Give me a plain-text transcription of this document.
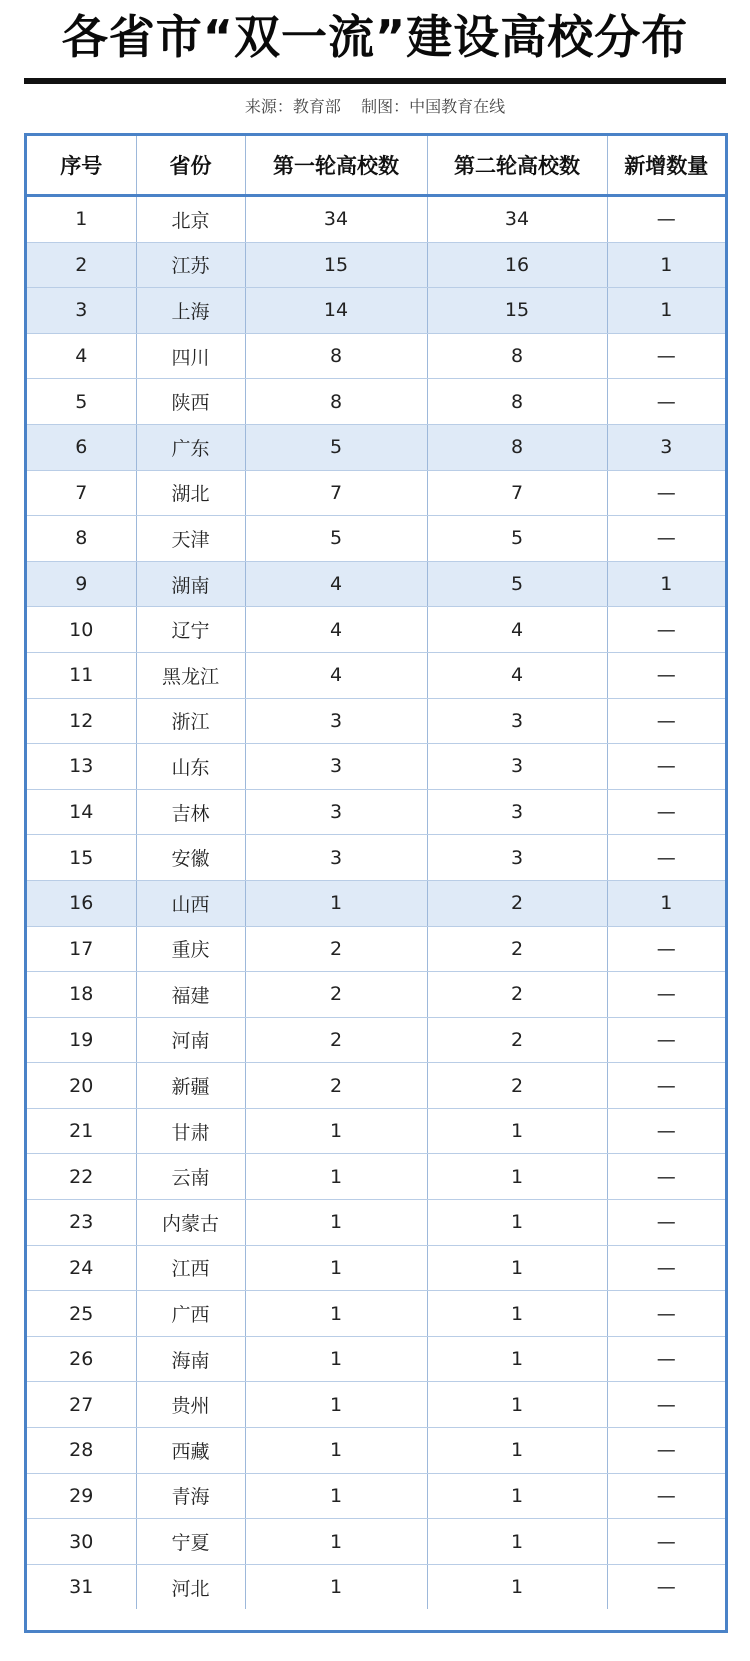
各省市“双一流”建设高校分布
来源：教育部    制图：中国教育在线
序号	省份	第一轮高校数	第二轮高校数	新增数量
1	北京	34	34	—
2	江苏	15	16	1
3	上海	14	15	1
4	四川	8	8	—
5	陕西	8	8	—
6	广东	5	8	3
7	湖北	7	7	—
8	天津	5	5	—
9	湖南	4	5	1
10	辽宁	4	4	—
11	黑龙江	4	4	—
12	浙江	3	3	—
13	山东	3	3	—
14	吉林	3	3	—
15	安徽	3	3	—
16	山西	1	2	1
17	重庆	2	2	—
18	福建	2	2	—
19	河南	2	2	—
20	新疆	2	2	—
21	甘肃	1	1	—
22	云南	1	1	—
23	内蒙古	1	1	—
24	江西	1	1	—
25	广西	1	1	—
26	海南	1	1	—
27	贵州	1	1	—
28	西藏	1	1	—
29	青海	1	1	—
30	宁夏	1	1	—
31	河北	1	1	—
